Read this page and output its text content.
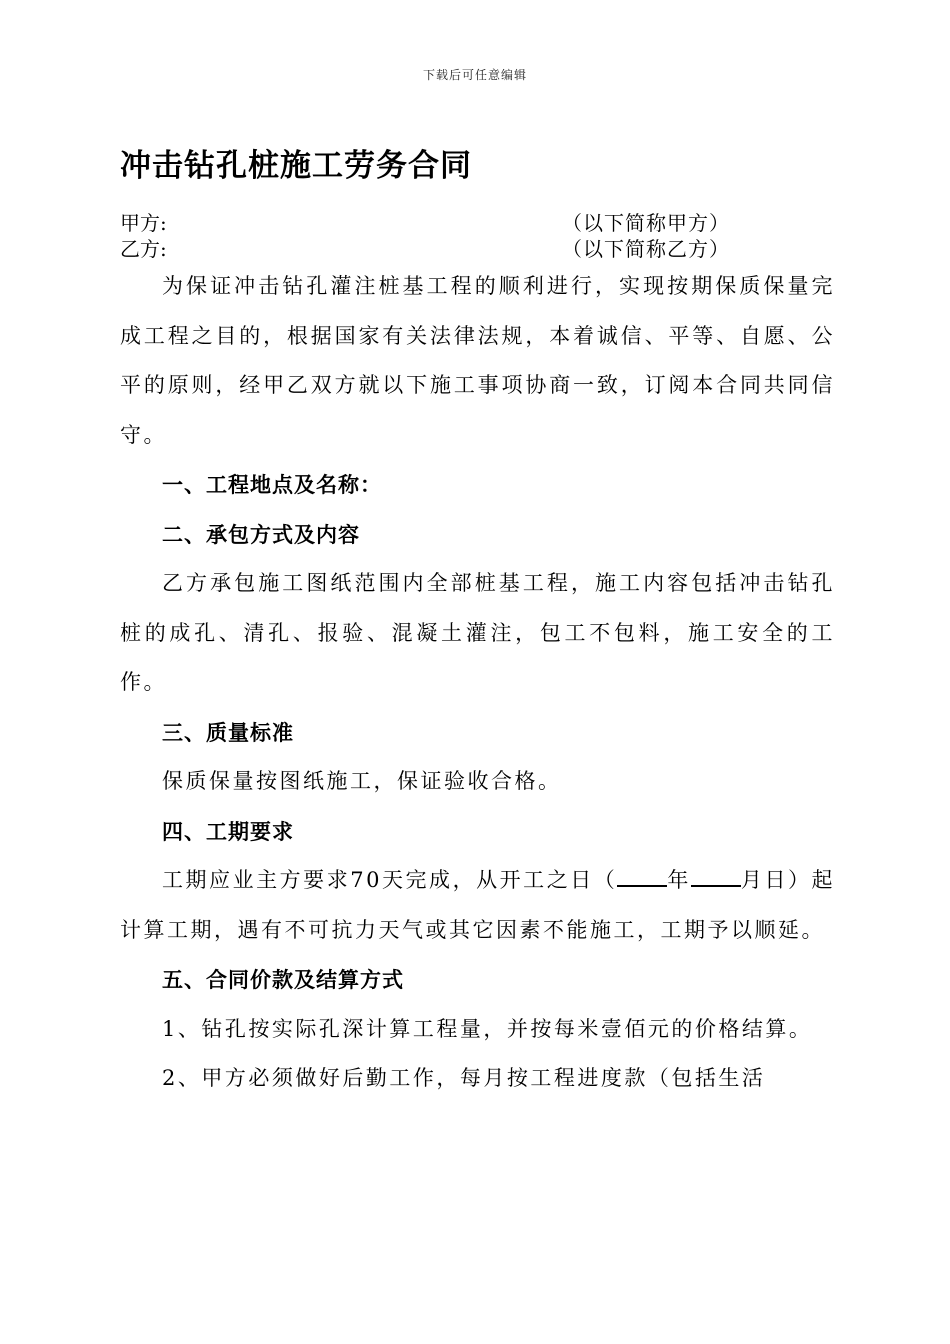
下载后可任意编辑
冲击钻孔桩施工劳务合同
甲方:	（以下简称甲方）
乙方:	（以下简称乙方）

为保证冲击钻孔灌注桩基工程的顺利进行，实现按期保质保量完成工程之目的，根据国家有关法律法规，本着诚信、平等、自愿、公平的原则，经甲乙双方就以下施工事项协商一致，订阅本合同共同信守。

一、工程地点及名称：

二、承包方式及内容

乙方承包施工图纸范围内全部桩基工程，施工内容包括冲击钻孔桩的成孔、清孔、报验、混凝土灌注，包工不包料，施工安全的工作。

三、质量标准

保质保量按图纸施工，保证验收合格。

四、工期要求

工期应业主方要求70天完成，从开工之日（ 年 月日）起计算工期，遇有不可抗力天气或其它因素不能施工，工期予以顺延。

五、合同价款及结算方式

1、钻孔按实际孔深计算工程量，并按每米壹佰元的价格结算。

2、甲方必须做好后勤工作，每月按工程进度款（包括生活
